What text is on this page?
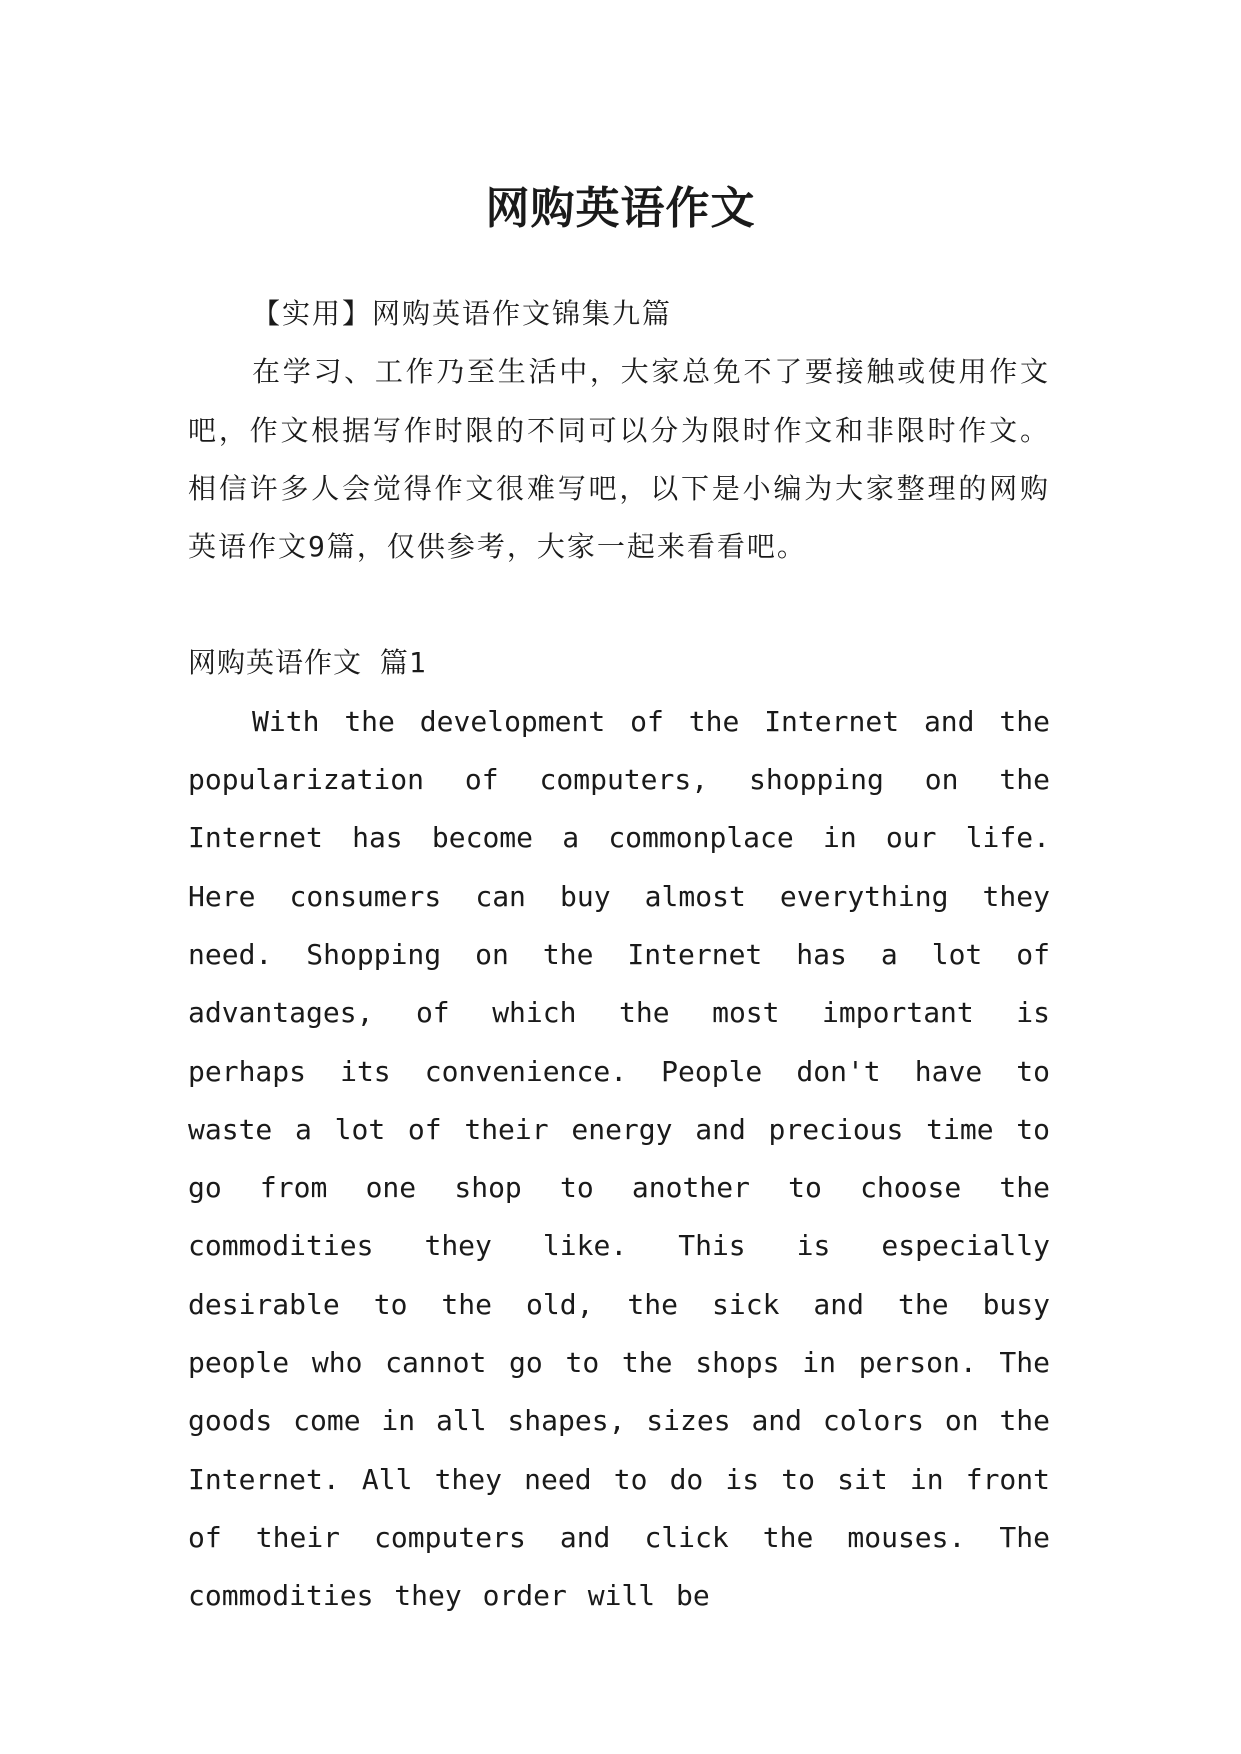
网购英语作文

【实用】网购英语作文锦集九篇

在学习、工作乃至生活中，大家总免不了要接触或使用作文吧，作文根据写作时限的不同可以分为限时作文和非限时作文。相信许多人会觉得作文很难写吧，以下是小编为大家整理的网购英语作文9篇，仅供参考，大家一起来看看吧。

网购英语作文 篇1

With the development of the Internet and the popularization of computers, shopping on the Internet has become a commonplace in our life. Here consumers can buy almost everything they need. Shopping on the Internet has a lot of advantages, of which the most important is perhaps its convenience. People don't have to waste a lot of their energy and precious time to go from one shop to another to choose the commodities they like. This is especially desirable to the old, the sick and the busy people who cannot go to the shops in person. The goods come in all shapes, sizes and colors on the Internet. All they need to do is to sit in front of their computers and click the mouses. The commodities they order will be
